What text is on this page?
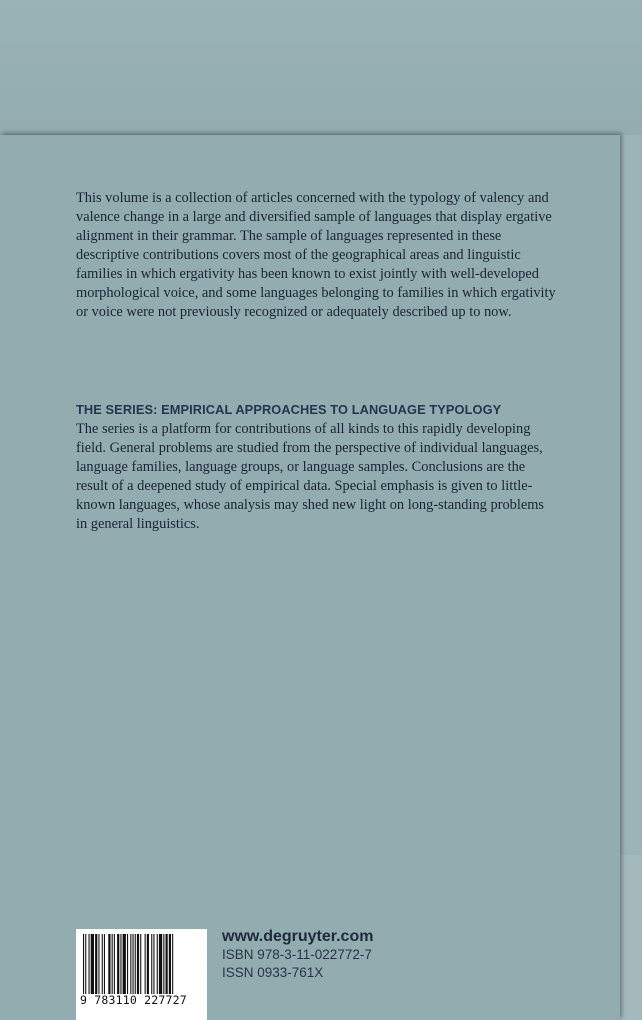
This volume is a collection of articles concerned with the typology of valency and valence change in a large and diversified sample of languages that display ergative alignment in their grammar. The sample of languages represented in these descriptive contributions covers most of the geographical areas and linguistic families in which ergativity has been known to exist jointly with well-developed morphological voice, and some languages belonging to families in which ergativity or voice were not previously recognized or adequately described up to now.

THE SERIES: EMPIRICAL APPROACHES TO LANGUAGE TYPOLOGY

The series is a platform for contributions of all kinds to this rapidly developing field. General problems are studied from the perspective of individual languages, language families, language groups, or language samples. Conclusions are the result of a deepened study of empirical data. Special emphasis is given to little-known languages, whose analysis may shed new light on long-standing problems in general linguistics.

9 783110 227727
www.degruyter.com
ISBN 978-3-11-022772-7
ISSN 0933-761X
